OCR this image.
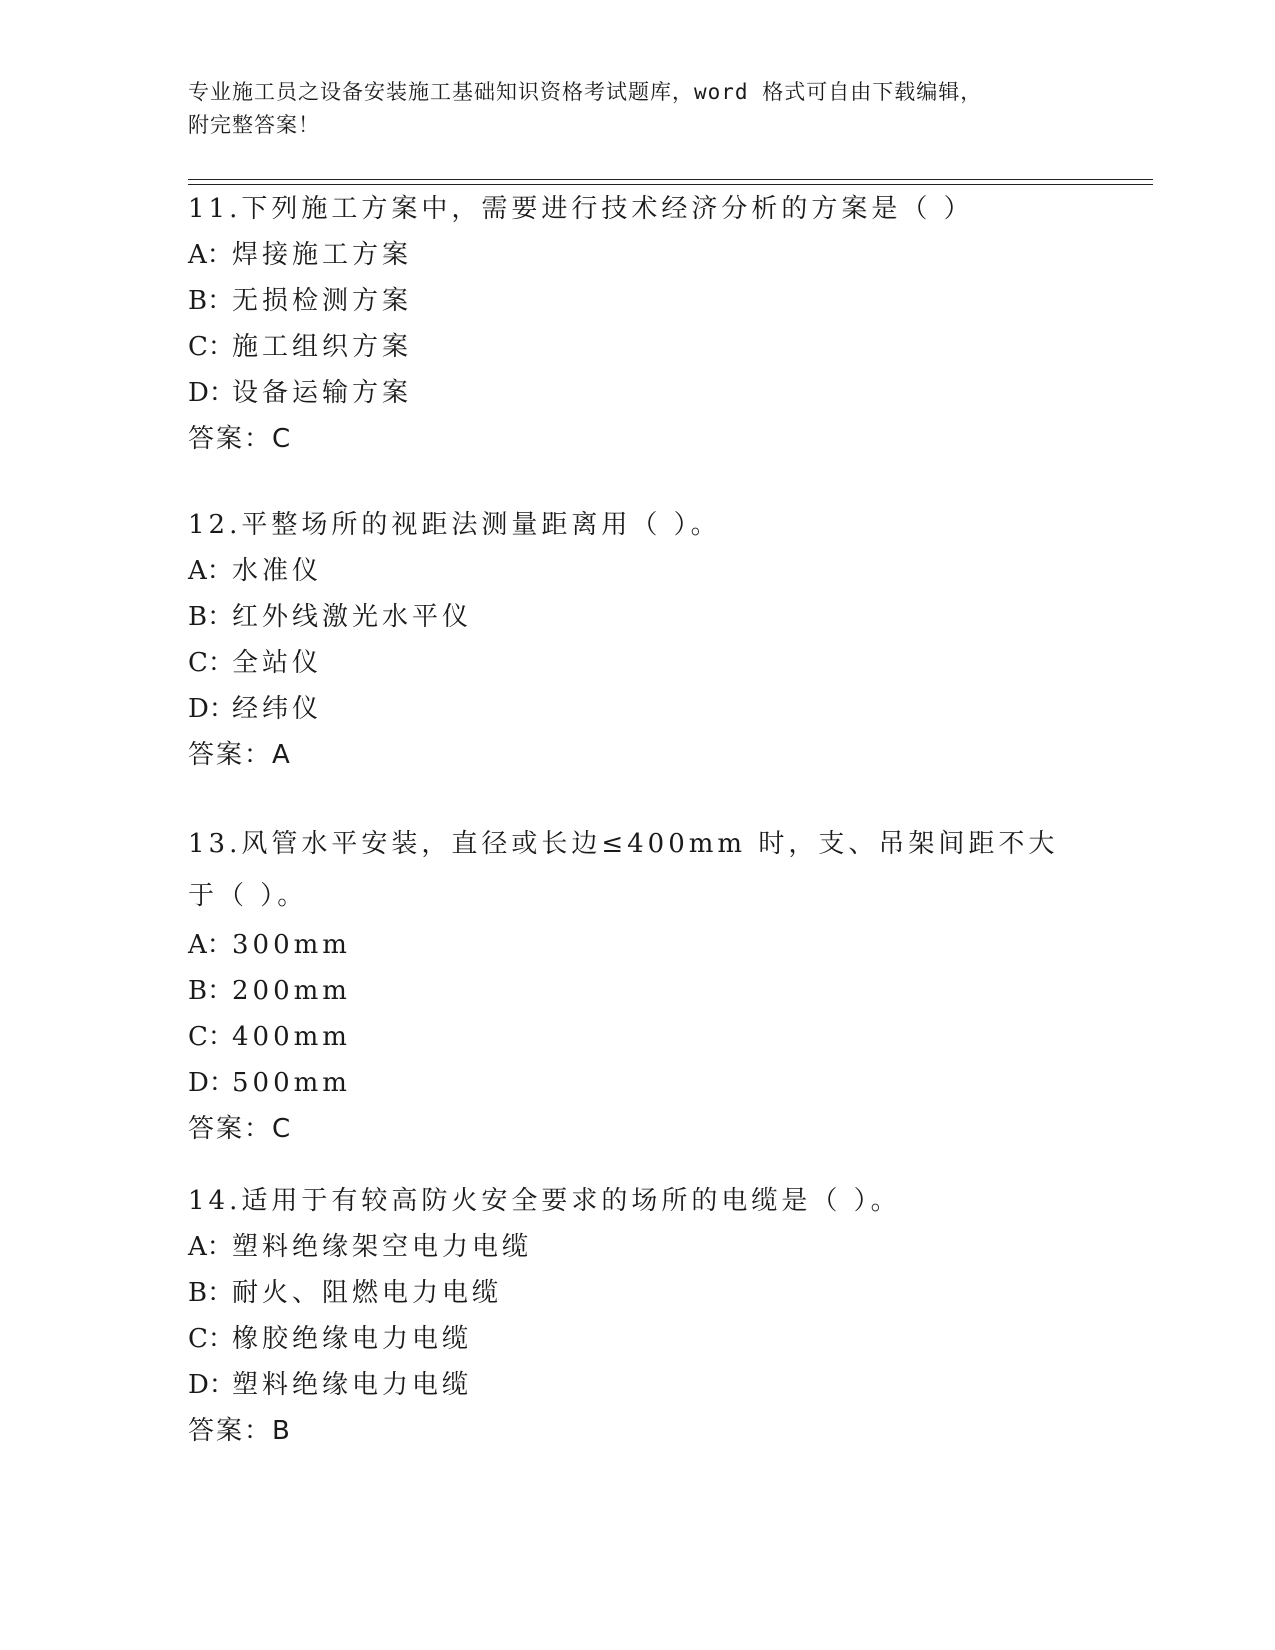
专业施工员之设备安装施工基础知识资格考试题库，word 格式可自由下载编辑，
附完整答案！
11.下列施工方案中，需要进行技术经济分析的方案是（ ）
A：焊接施工方案
B：无损检测方案
C：施工组织方案
D：设备运输方案
答案：C
12.平整场所的视距法测量距离用（ ）。
A：水准仪
B：红外线激光水平仪
C：全站仪
D：经纬仪
答案：A
13.风管水平安装，直径或长边≤400mm 时，支、吊架间距不大于（ ）。
A：300mm
B：200mm
C：400mm
D：500mm
答案：C
14.适用于有较高防火安全要求的场所的电缆是（ ）。
A：塑料绝缘架空电力电缆
B：耐火、阻燃电力电缆
C：橡胶绝缘电力电缆
D：塑料绝缘电力电缆
答案：B
